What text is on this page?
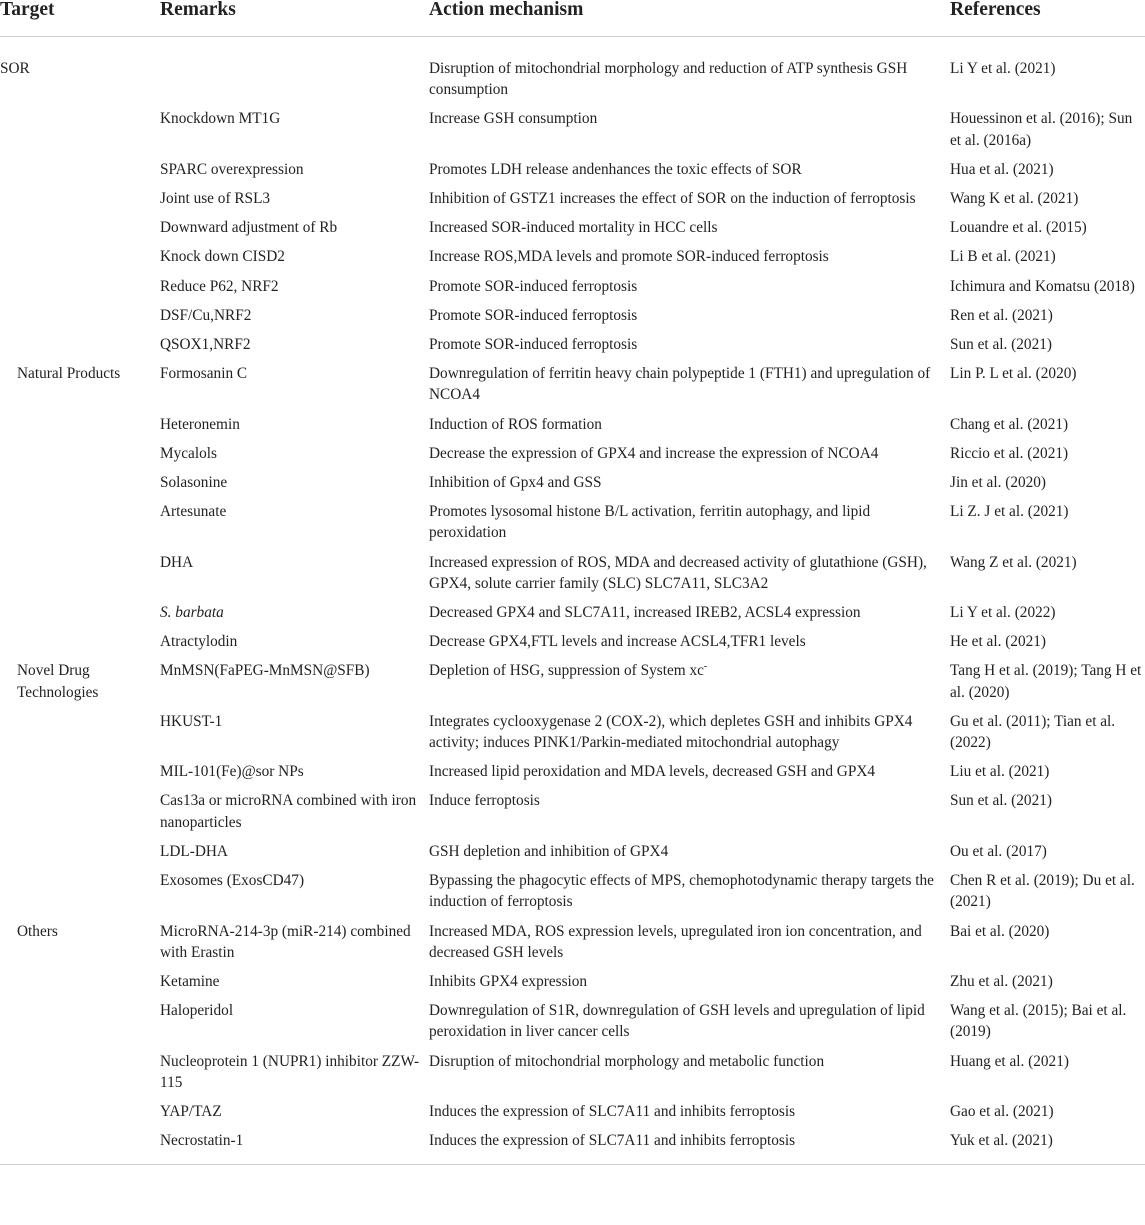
Target	Remarks	Action mechanism	References

SOR		Disruption of mitochondrial morphology and reduction of ATP synthesis GSH consumption	Li Y et al. (2021)

	Knockdown MT1G	Increase GSH consumption	Houessinon et al. (2016); Sun et al. (2016a)

	SPARC overexpression	Promotes LDH release andenhances the toxic effects of SOR	Hua et al. (2021)

	Joint use of RSL3	Inhibition of GSTZ1 increases the effect of SOR on the induction of ferroptosis	Wang K et al. (2021)

	Downward adjustment of Rb	Increased SOR-induced mortality in HCC cells	Louandre et al. (2015)

	Knock down CISD2	Increase ROS,MDA levels and promote SOR-induced ferroptosis	Li B et al. (2021)

	Reduce P62, NRF2	Promote SOR-induced ferroptosis	Ichimura and Komatsu (2018)

	DSF/Cu,NRF2	Promote SOR-induced ferroptosis	Ren et al. (2021)

	QSOX1,NRF2	Promote SOR-induced ferroptosis	Sun et al. (2021)

Natural Products	Formosanin C	Downregulation of ferritin heavy chain polypeptide 1 (FTH1) and upregulation of NCOA4	Lin P. L et al. (2020)

	Heteronemin	Induction of ROS formation	Chang et al. (2021)

	Mycalols	Decrease the expression of GPX4 and increase the expression of NCOA4	Riccio et al. (2021)

	Solasonine	Inhibition of Gpx4 and GSS	Jin et al. (2020)

	Artesunate	Promotes lysosomal histone B/L activation, ferritin autophagy, and lipid peroxidation	Li Z. J et al. (2021)

	DHA	Increased expression of ROS, MDA and decreased activity of glutathione (GSH), GPX4, solute carrier family (SLC) SLC7A11, SLC3A2	Wang Z et al. (2021)

	S. barbata	Decreased GPX4 and SLC7A11, increased IREB2, ACSL4 expression	Li Y et al. (2022)

	Atractylodin	Decrease GPX4,FTL levels and increase ACSL4,TFR1 levels	He et al. (2021)

Novel Drug Technologies	MnMSN(FaPEG-MnMSN@SFB)	Depletion of HSG, suppression of System xc-	Tang H et al. (2019); Tang H et al. (2020)

	HKUST-1	Integrates cyclooxygenase 2 (COX-2), which depletes GSH and inhibits GPX4 activity; induces PINK1/Parkin-mediated mitochondrial autophagy	Gu et al. (2011); Tian et al. (2022)

	MIL-101(Fe)@sor NPs	Increased lipid peroxidation and MDA levels, decreased GSH and GPX4	Liu et al. (2021)

	Cas13a or microRNA combined with iron nanoparticles	Induce ferroptosis	Sun et al. (2021)

	LDL-DHA	GSH depletion and inhibition of GPX4	Ou et al. (2017)

	Exosomes (ExosCD47)	Bypassing the phagocytic effects of MPS, chemophotodynamic therapy targets the induction of ferroptosis	Chen R et al. (2019); Du et al. (2021)

Others	MicroRNA-214-3p (miR-214) combined with Erastin	Increased MDA, ROS expression levels, upregulated iron ion concentration, and decreased GSH levels	Bai et al. (2020)

	Ketamine	Inhibits GPX4 expression	Zhu et al. (2021)

	Haloperidol	Downregulation of S1R, downregulation of GSH levels and upregulation of lipid peroxidation in liver cancer cells	Wang et al. (2015); Bai et al. (2019)

	Nucleoprotein 1 (NUPR1) inhibitor ZZW-115	Disruption of mitochondrial morphology and metabolic function	Huang et al. (2021)

	YAP/TAZ	Induces the expression of SLC7A11 and inhibits ferroptosis	Gao et al. (2021)

	Necrostatin-1	Induces the expression of SLC7A11 and inhibits ferroptosis	Yuk et al. (2021)
